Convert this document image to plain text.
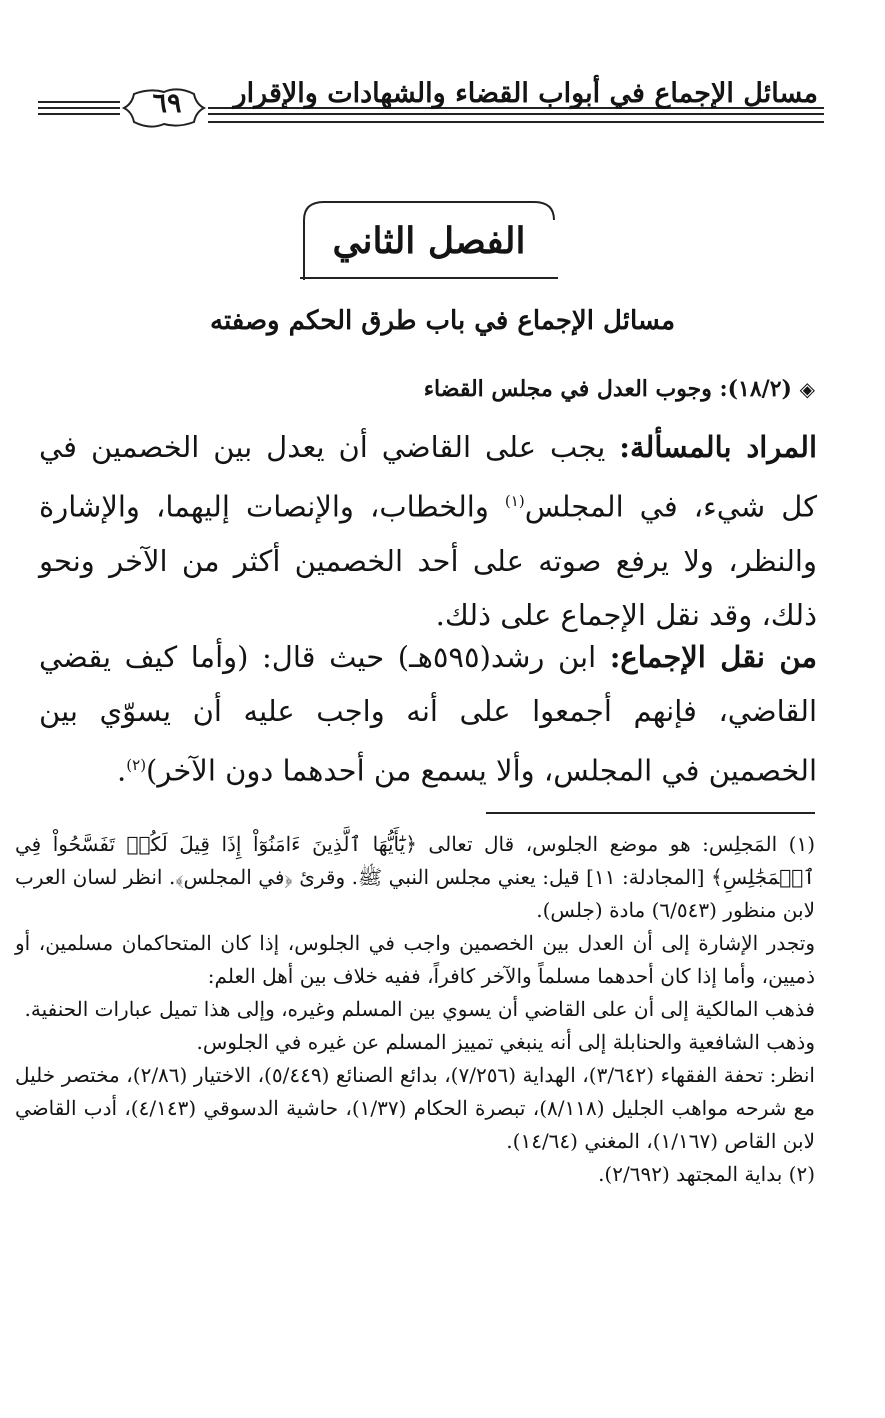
٦٩	مسائل الإجماع في أبواب القضاء والشهادات والإقرار
الفصل الثاني
مسائل الإجماع في باب طرق الحكم وصفته
◈ (١٨/٢): وجوب العدل في مجلس القضاء
المراد بالمسألة: يجب على القاضي أن يعدل بين الخصمين في كل شيء، في المجلس$^{(١)}$ والخطاب، والإنصات إليهما، والإشارة والنظر، ولا يرفع صوته على أحد الخصمين أكثر من الآخر ونحو ذلك، وقد نقل الإجماع على ذلك.
من نقل الإجماع: ابن رشد(٥٩٥هـ) حيث قال: (وأما كيف يقضي القاضي، فإنهم أجمعوا على أنه واجب عليه أن يسوّي بين الخصمين في المجلس، وألا يسمع من أحدهما دون الآخر)$^{(٢)}$.

(١) المَجلِس: هو موضع الجلوس، قال تعالى ﴿يَٰٓأَيُّهَا ٱلَّذِينَ ءَامَنُوٓاْ إِذَا قِيلَ لَكُمۡ تَفَسَّحُواْ فِي ٱلۡمَجَٰلِسِ﴾ [المجادلة: ١١] قيل: يعني مجلس النبي ﷺ. وقرئ ﴿في المجلس﴾. انظر لسان العرب لابن منظور (٦/٥٤٣) مادة (جلس).

وتجدر الإشارة إلى أن العدل بين الخصمين واجب في الجلوس، إذا كان المتحاكمان مسلمين، أو ذميين، وأما إذا كان أحدهما مسلماً والآخر كافراً، ففيه خلاف بين أهل العلم:

فذهب المالكية إلى أن على القاضي أن يسوي بين المسلم وغيره، وإلى هذا تميل عبارات الحنفية.

وذهب الشافعية والحنابلة إلى أنه ينبغي تمييز المسلم عن غيره في الجلوس.

انظر: تحفة الفقهاء (٣/٦٤٢)، الهداية (٧/٢٥٦)، بدائع الصنائع (٥/٤٤٩)، الاختيار (٢/٨٦)، مختصر خليل مع شرحه مواهب الجليل (٨/١١٨)، تبصرة الحكام (١/٣٧)، حاشية الدسوقي (٤/١٤٣)، أدب القاضي لابن القاص (١/١٦٧)، المغني (١٤/٦٤).

(٢) بداية المجتهد (٢/٦٩٢).
